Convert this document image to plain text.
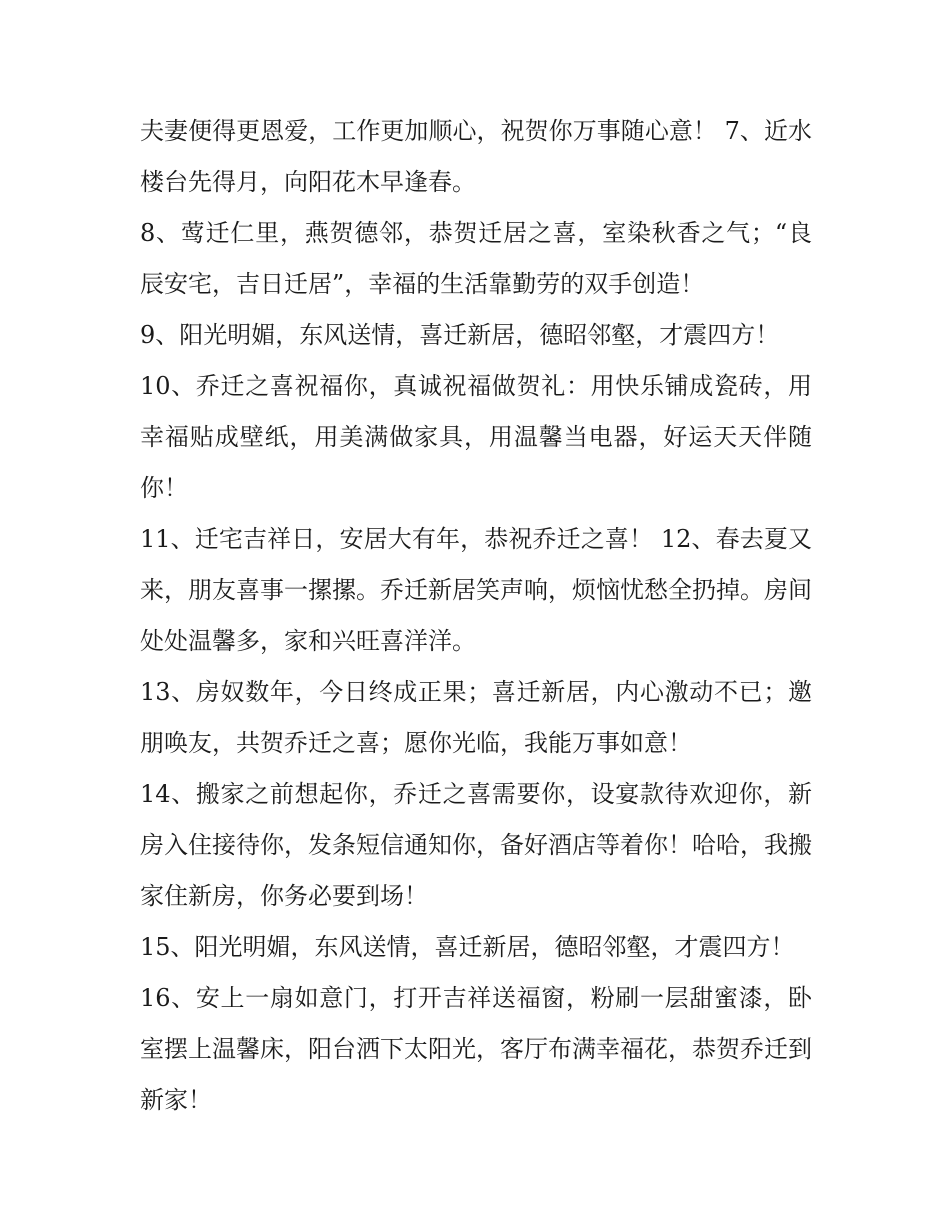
夫妻便得更恩爱，工作更加顺心，祝贺你万事随心意！ 7、近水楼台先得月，向阳花木早逢春。

8、莺迁仁里，燕贺德邻，恭贺迁居之喜，室染秋香之气；“良辰安宅，吉日迁居”，幸福的生活靠勤劳的双手创造！

9、阳光明媚，东风送情，喜迁新居，德昭邻壑，才震四方！

10、乔迁之喜祝福你，真诚祝福做贺礼：用快乐铺成瓷砖，用幸福贴成壁纸，用美满做家具，用温馨当电器，好运天天伴随你！

11、迁宅吉祥日，安居大有年，恭祝乔迁之喜！ 12、春去夏又来，朋友喜事一摞摞。乔迁新居笑声响，烦恼忧愁全扔掉。房间处处温馨多，家和兴旺喜洋洋。

13、房奴数年，今日终成正果；喜迁新居，内心激动不已；邀朋唤友，共贺乔迁之喜；愿你光临，我能万事如意！

14、搬家之前想起你，乔迁之喜需要你，设宴款待欢迎你，新房入住接待你，发条短信通知你，备好酒店等着你！哈哈，我搬家住新房，你务必要到场！

15、阳光明媚，东风送情，喜迁新居，德昭邻壑，才震四方！

16、安上一扇如意门，打开吉祥送福窗，粉刷一层甜蜜漆，卧室摆上温馨床，阳台洒下太阳光，客厅布满幸福花，恭贺乔迁到新家！
